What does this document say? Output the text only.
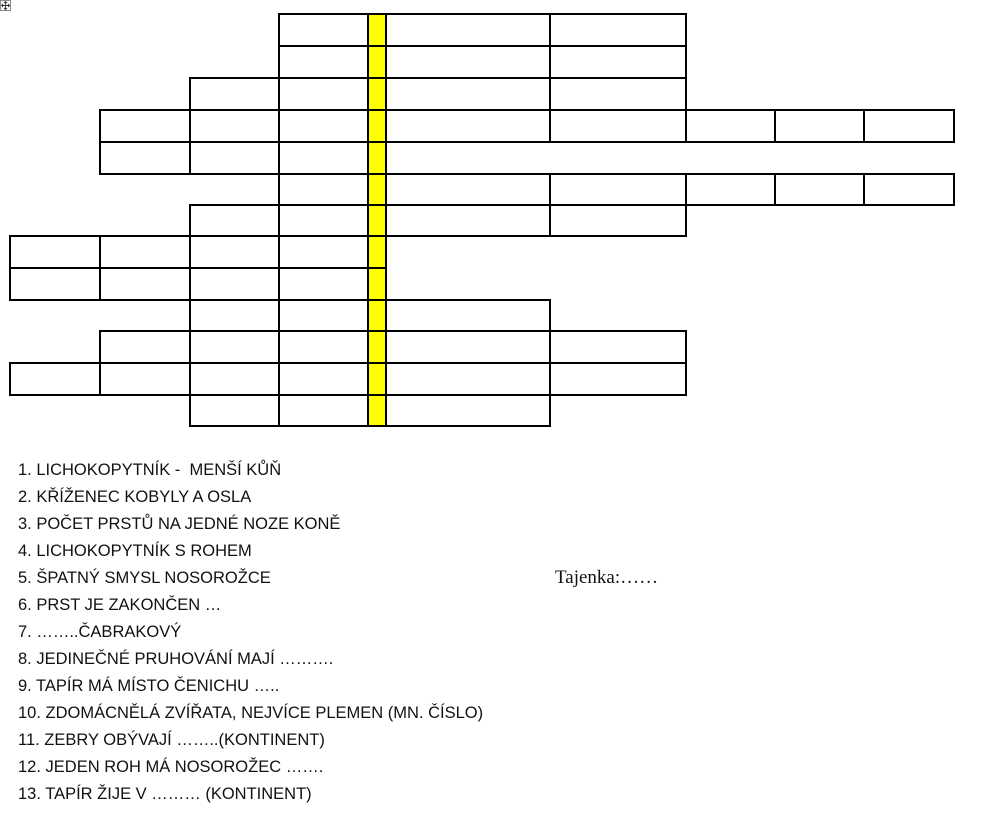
1. LICHOKOPYTNÍK -  MENŠÍ KŮŇ
2. KŘÍŽENEC KOBYLY A OSLA
3. POČET PRSTŮ NA JEDNÉ NOZE KONĚ
4. LICHOKOPYTNÍK S ROHEM
5. ŠPATNÝ SMYSL NOSOROŽCE
6. PRST JE ZAKONČEN …
7. ……..ČABRAKOVÝ
8. JEDINEČNÉ PRUHOVÁNÍ MAJÍ ……….
9. TAPÍR MÁ MÍSTO ČENICHU …..
10. ZDOMÁCNĚLÁ ZVÍŘATA, NEJVÍCE PLEMEN (MN. ČÍSLO)
11. ZEBRY OBÝVAJÍ ……..(KONTINENT)
12. JEDEN ROH MÁ NOSOROŽEC …….
13. TAPÍR ŽIJE V ……… (KONTINENT)
Tajenka:……
